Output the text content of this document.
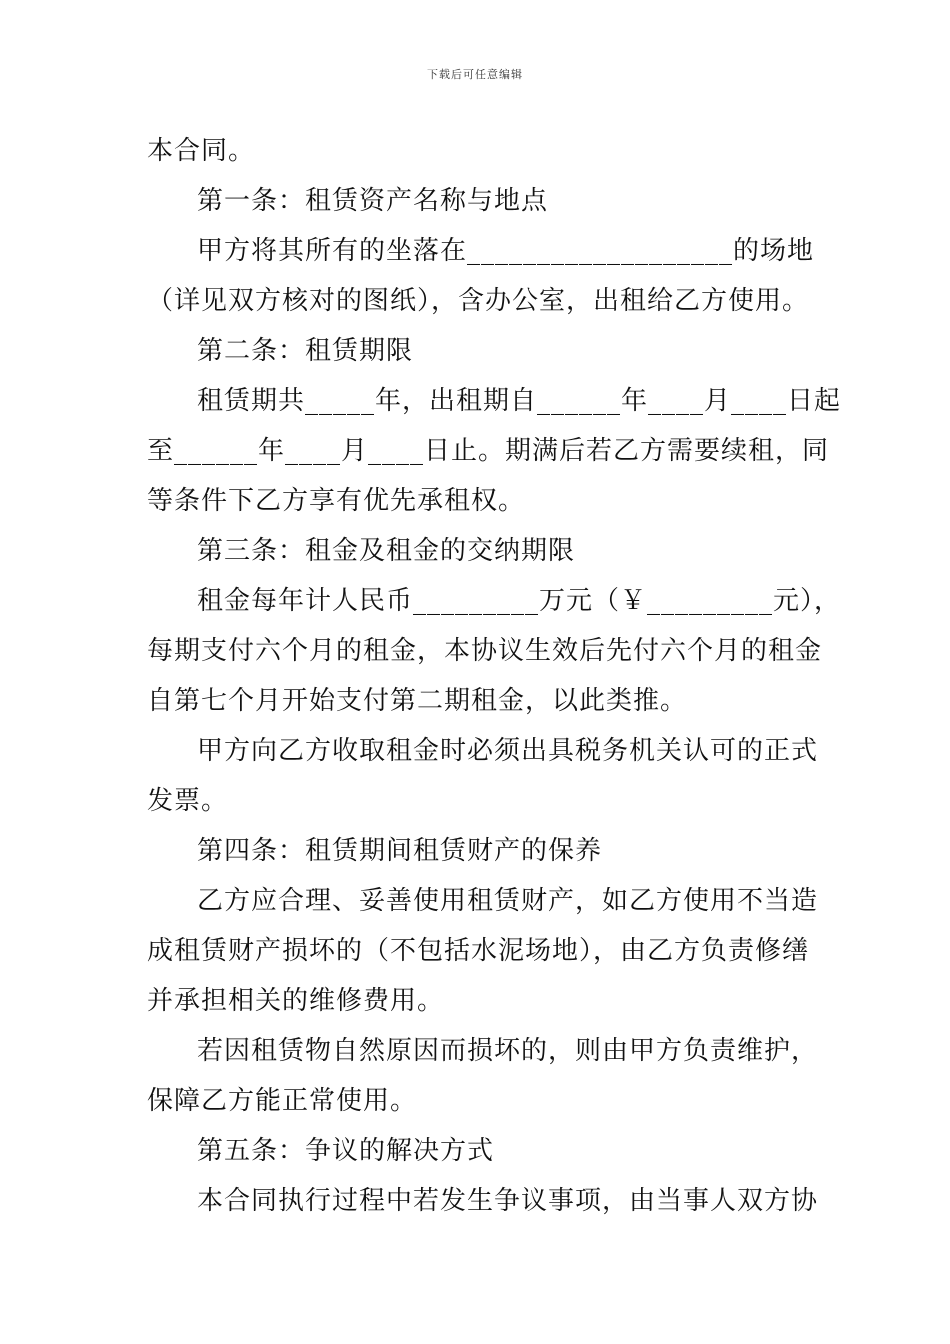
下载后可任意编辑
本合同。
第一条：租赁资产名称与地点
甲方将其所有的坐落在___________________的场地
（详见双方核对的图纸），含办公室，出租给乙方使用。
第二条：租赁期限
租赁期共_____年，出租期自______年____月____日起
至______年____月____日止。期满后若乙方需要续租，同
等条件下乙方享有优先承租权。
第三条：租金及租金的交纳期限
租金每年计人民币_________万元（￥_________元），
每期支付六个月的租金，本协议生效后先付六个月的租金
自第七个月开始支付第二期租金，以此类推。
甲方向乙方收取租金时必须出具税务机关认可的正式
发票。
第四条：租赁期间租赁财产的保养
乙方应合理、妥善使用租赁财产，如乙方使用不当造
成租赁财产损坏的（不包括水泥场地），由乙方负责修缮
并承担相关的维修费用。
若因租赁物自然原因而损坏的，则由甲方负责维护，
保障乙方能正常使用。
第五条：争议的解决方式
本合同执行过程中若发生争议事项，由当事人双方协
